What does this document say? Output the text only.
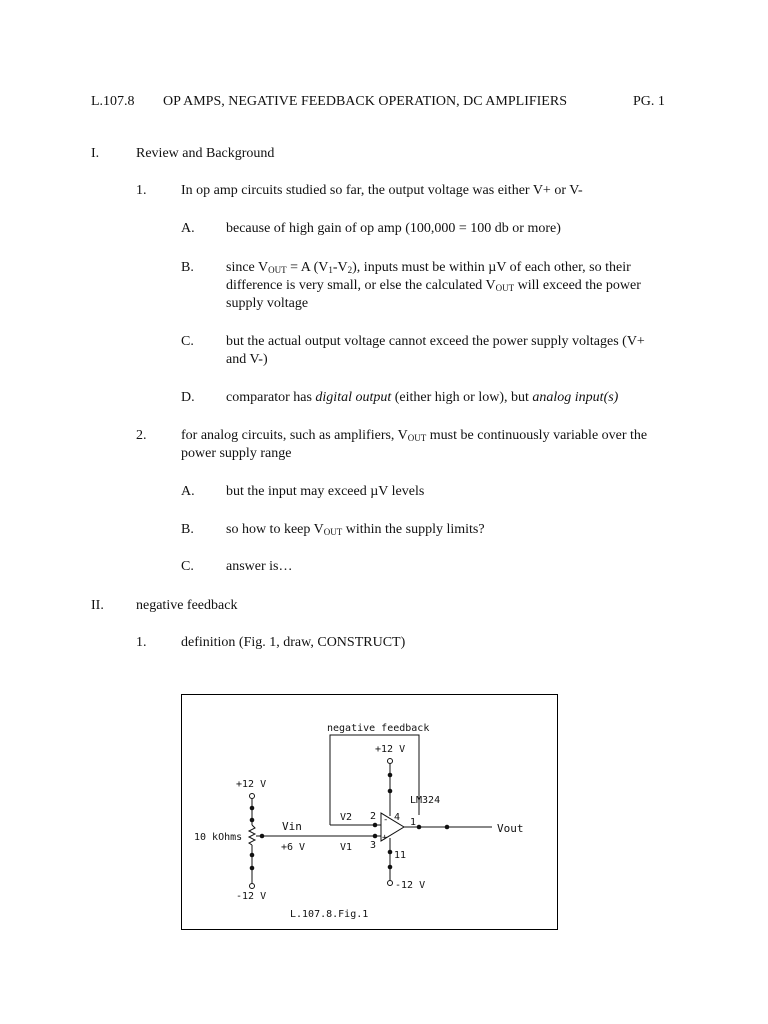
L.107.8 OP AMPS, NEGATIVE FEEDBACK OPERATION, DC AMPLIFIERS	PG. 1
I.	Review and Background
1. In op amp circuits studied so far, the output voltage was either V+ or V-
A. because of high gain of op amp (100,000 = 100 db or more)
B. since $V_{OUT} = A$ $(V_1-V_2)$, inputs must be within µV of each other, so their
difference is very small, or else the calculated $V_{OUT}$ will exceed the power
supply voltage
C. but the actual output voltage cannot exceed the power supply voltages (V+
and V-)
D. comparator has digital output (either high or low), but analog input(s)
2. for analog circuits, such as amplifiers, $V_{OUT}$ must be continuously variable over the
power supply range
A. but the input may exceed µV levels
B. so how to keep $V_{OUT}$ within the supply limits?
C. answer is…
II. negative feedback
1. definition (Fig. 1, draw, CONSTRUCT)
negative feedback
+12 V
LM324
+12 V
10 kOhms
-12 V
Vin
+6 V	V1
V2 2
3
4 1
11
-
+
-12 V
Vout
L.107.8.Fig.1
